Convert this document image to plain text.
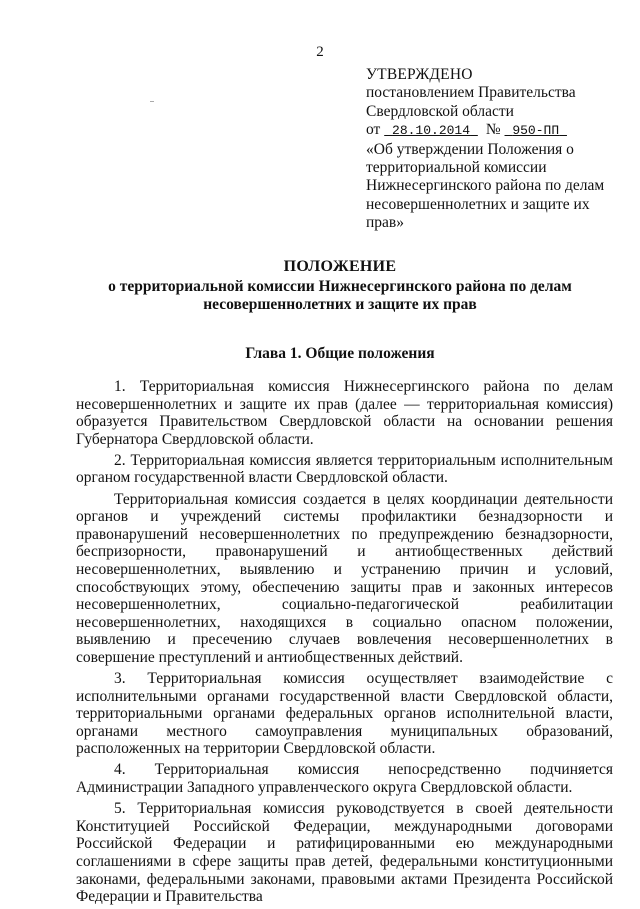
2
УТВЕРЖДЕНО
постановлением Правительства
Свердловской области
от 28.10.2014 № 950-ПП
«Об утверждении Положения о территориальной комиссии Нижнесергинского района по делам несовершеннолетних и защите их прав»
ПОЛОЖЕНИЕ
о территориальной комиссии Нижнесергинского района по делам несовершеннолетних и защите их прав
Глава 1. Общие положения

1. Территориальная комиссия Нижнесергинского района по делам несовершеннолетних и защите их прав (далее — территориальная комиссия) образуется Правительством Свердловской области на основании решения Губернатора Свердловской области.

2. Территориальная комиссия является территориальным исполнительным органом государственной власти Свердловской области.

Территориальная комиссия создается в целях координации деятельности органов и учреждений системы профилактики безнадзорности и правонарушений несовершеннолетних по предупреждению безнадзорности, беспризорности, правонарушений и антиобщественных действий несовершеннолетних, выявлению и устранению причин и условий, способствующих этому, обеспечению защиты прав и законных интересов несовершеннолетних, социально-педагогической реабилитации несовершеннолетних, находящихся в социально опасном положении, выявлению и пресечению случаев вовлечения несовершеннолетних в совершение преступлений и антиобщественных действий.

3. Территориальная комиссия осуществляет взаимодействие с исполнительными органами государственной власти Свердловской области, территориальными органами федеральных органов исполнительной власти, органами местного самоуправления муниципальных образований, расположенных на территории Свердловской области.

4. Территориальная комиссия непосредственно подчиняется Администрации Западного управленческого округа Свердловской области.

5. Территориальная комиссия руководствуется в своей деятельности Конституцией Российской Федерации, международными договорами Российской Федерации и ратифицированными ею международными соглашениями в сфере защиты прав детей, федеральными конституционными законами, федеральными законами, правовыми актами Президента Российской Федерации и Правительства
